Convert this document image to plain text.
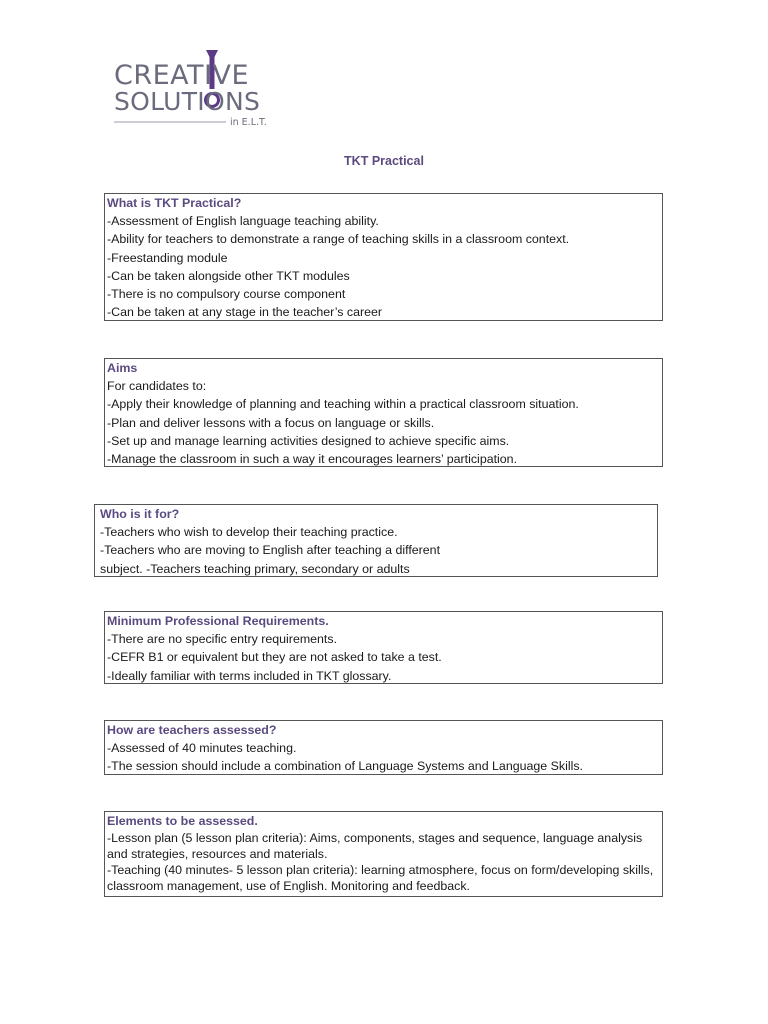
CREATIVE
SOLUTIONS
in E.L.T.
TKT Practical
What is TKT Practical?
-Assessment of English language teaching ability.
-Ability for teachers to demonstrate a range of teaching skills in a classroom context.
-Freestanding module
-Can be taken alongside other TKT modules
-There is no compulsory course component
-Can be taken at any stage in the teacher’s career
Aims
For candidates to:
-Apply their knowledge of planning and teaching within a practical classroom situation.
-Plan and deliver lessons with a focus on language or skills.
-Set up and manage learning activities designed to achieve specific aims.
-Manage the classroom in such a way it encourages learners’ participation.
Who is it for?
-Teachers who wish to develop their teaching practice.
-Teachers who are moving to English after teaching a different
subject. -Teachers teaching primary, secondary or adults
Minimum Professional Requirements.
-There are no specific entry requirements.
-CEFR B1 or equivalent but they are not asked to take a test.
-Ideally familiar with terms included in TKT glossary.
How are teachers assessed?
-Assessed of 40 minutes teaching.
-The session should include a combination of Language Systems and Language Skills.
Elements to be assessed.
-Lesson plan (5 lesson plan criteria): Aims, components, stages and sequence, language analysis and strategies, resources and materials.
-Teaching (40 minutes- 5 lesson plan criteria): learning atmosphere, focus on form/developing skills, classroom management, use of English. Monitoring and feedback.
